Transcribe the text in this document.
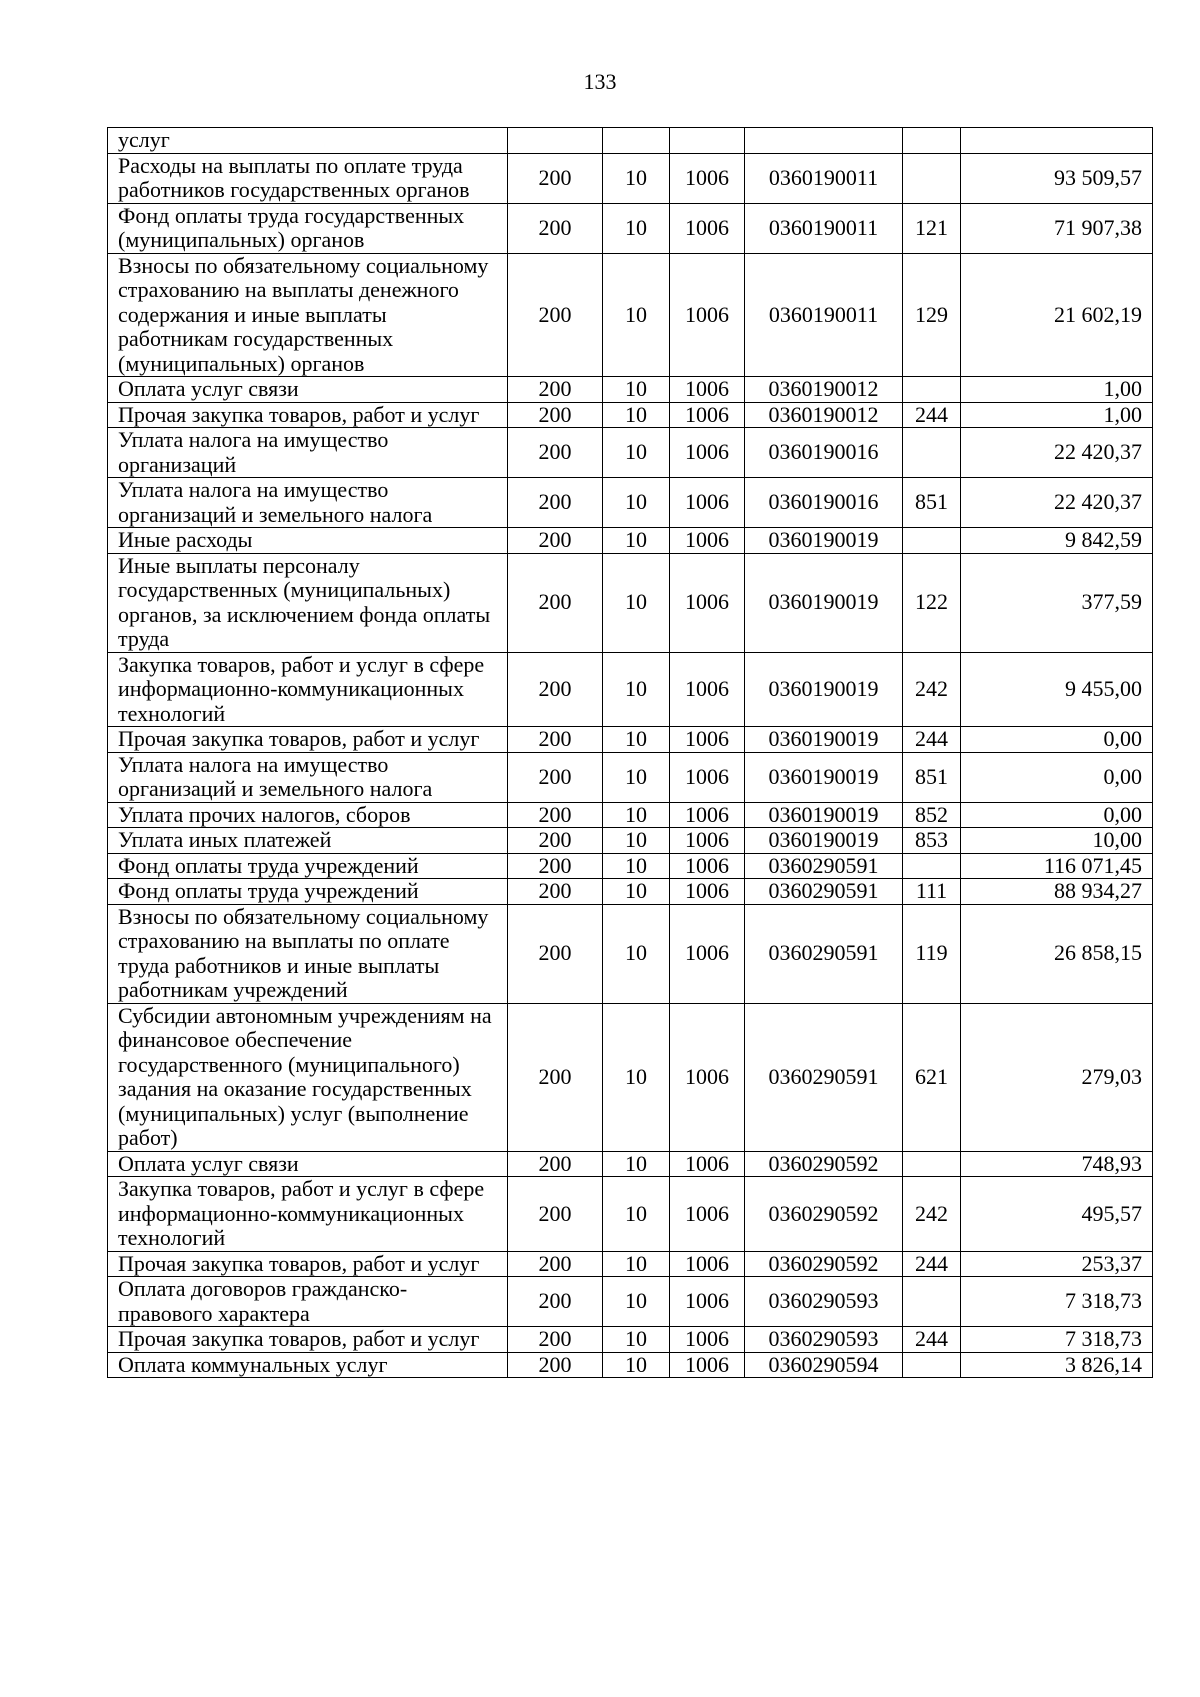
133
услуг						
Расходы на выплаты по оплате труда работников государственных органов	200	10	1006	0360190011		93 509,57
Фонд оплаты труда государственных (муниципальных) органов	200	10	1006	0360190011	121	71 907,38
Взносы по обязательному социальному страхованию на выплаты денежного содержания и иные выплаты работникам государственных (муниципальных) органов	200	10	1006	0360190011	129	21 602,19
Оплата услуг связи	200	10	1006	0360190012		1,00
Прочая закупка товаров, работ и услуг	200	10	1006	0360190012	244	1,00
Уплата налога на имущество организаций	200	10	1006	0360190016		22 420,37
Уплата налога на имущество организаций и земельного налога	200	10	1006	0360190016	851	22 420,37
Иные расходы	200	10	1006	0360190019		9 842,59
Иные выплаты персоналу государственных (муниципальных) органов, за исключением фонда оплаты труда	200	10	1006	0360190019	122	377,59
Закупка товаров, работ и услуг в сфере информационно-коммуникационных технологий	200	10	1006	0360190019	242	9 455,00
Прочая закупка товаров, работ и услуг	200	10	1006	0360190019	244	0,00
Уплата налога на имущество организаций и земельного налога	200	10	1006	0360190019	851	0,00
Уплата прочих налогов, сборов	200	10	1006	0360190019	852	0,00
Уплата иных платежей	200	10	1006	0360190019	853	10,00
Фонд оплаты труда учреждений	200	10	1006	0360290591		116 071,45
Фонд оплаты труда учреждений	200	10	1006	0360290591	111	88 934,27
Взносы по обязательному социальному страхованию на выплаты по оплате труда работников и иные выплаты работникам учреждений	200	10	1006	0360290591	119	26 858,15
Субсидии автономным учреждениям на финансовое обеспечение государственного (муниципального) задания на оказание государственных (муниципальных) услуг (выполнение работ)	200	10	1006	0360290591	621	279,03
Оплата услуг связи	200	10	1006	0360290592		748,93
Закупка товаров, работ и услуг в сфере информационно-коммуникационных технологий	200	10	1006	0360290592	242	495,57
Прочая закупка товаров, работ и услуг	200	10	1006	0360290592	244	253,37
Оплата договоров гражданско-правового характера	200	10	1006	0360290593		7 318,73
Прочая закупка товаров, работ и услуг	200	10	1006	0360290593	244	7 318,73
Оплата коммунальных услуг	200	10	1006	0360290594		3 826,14
